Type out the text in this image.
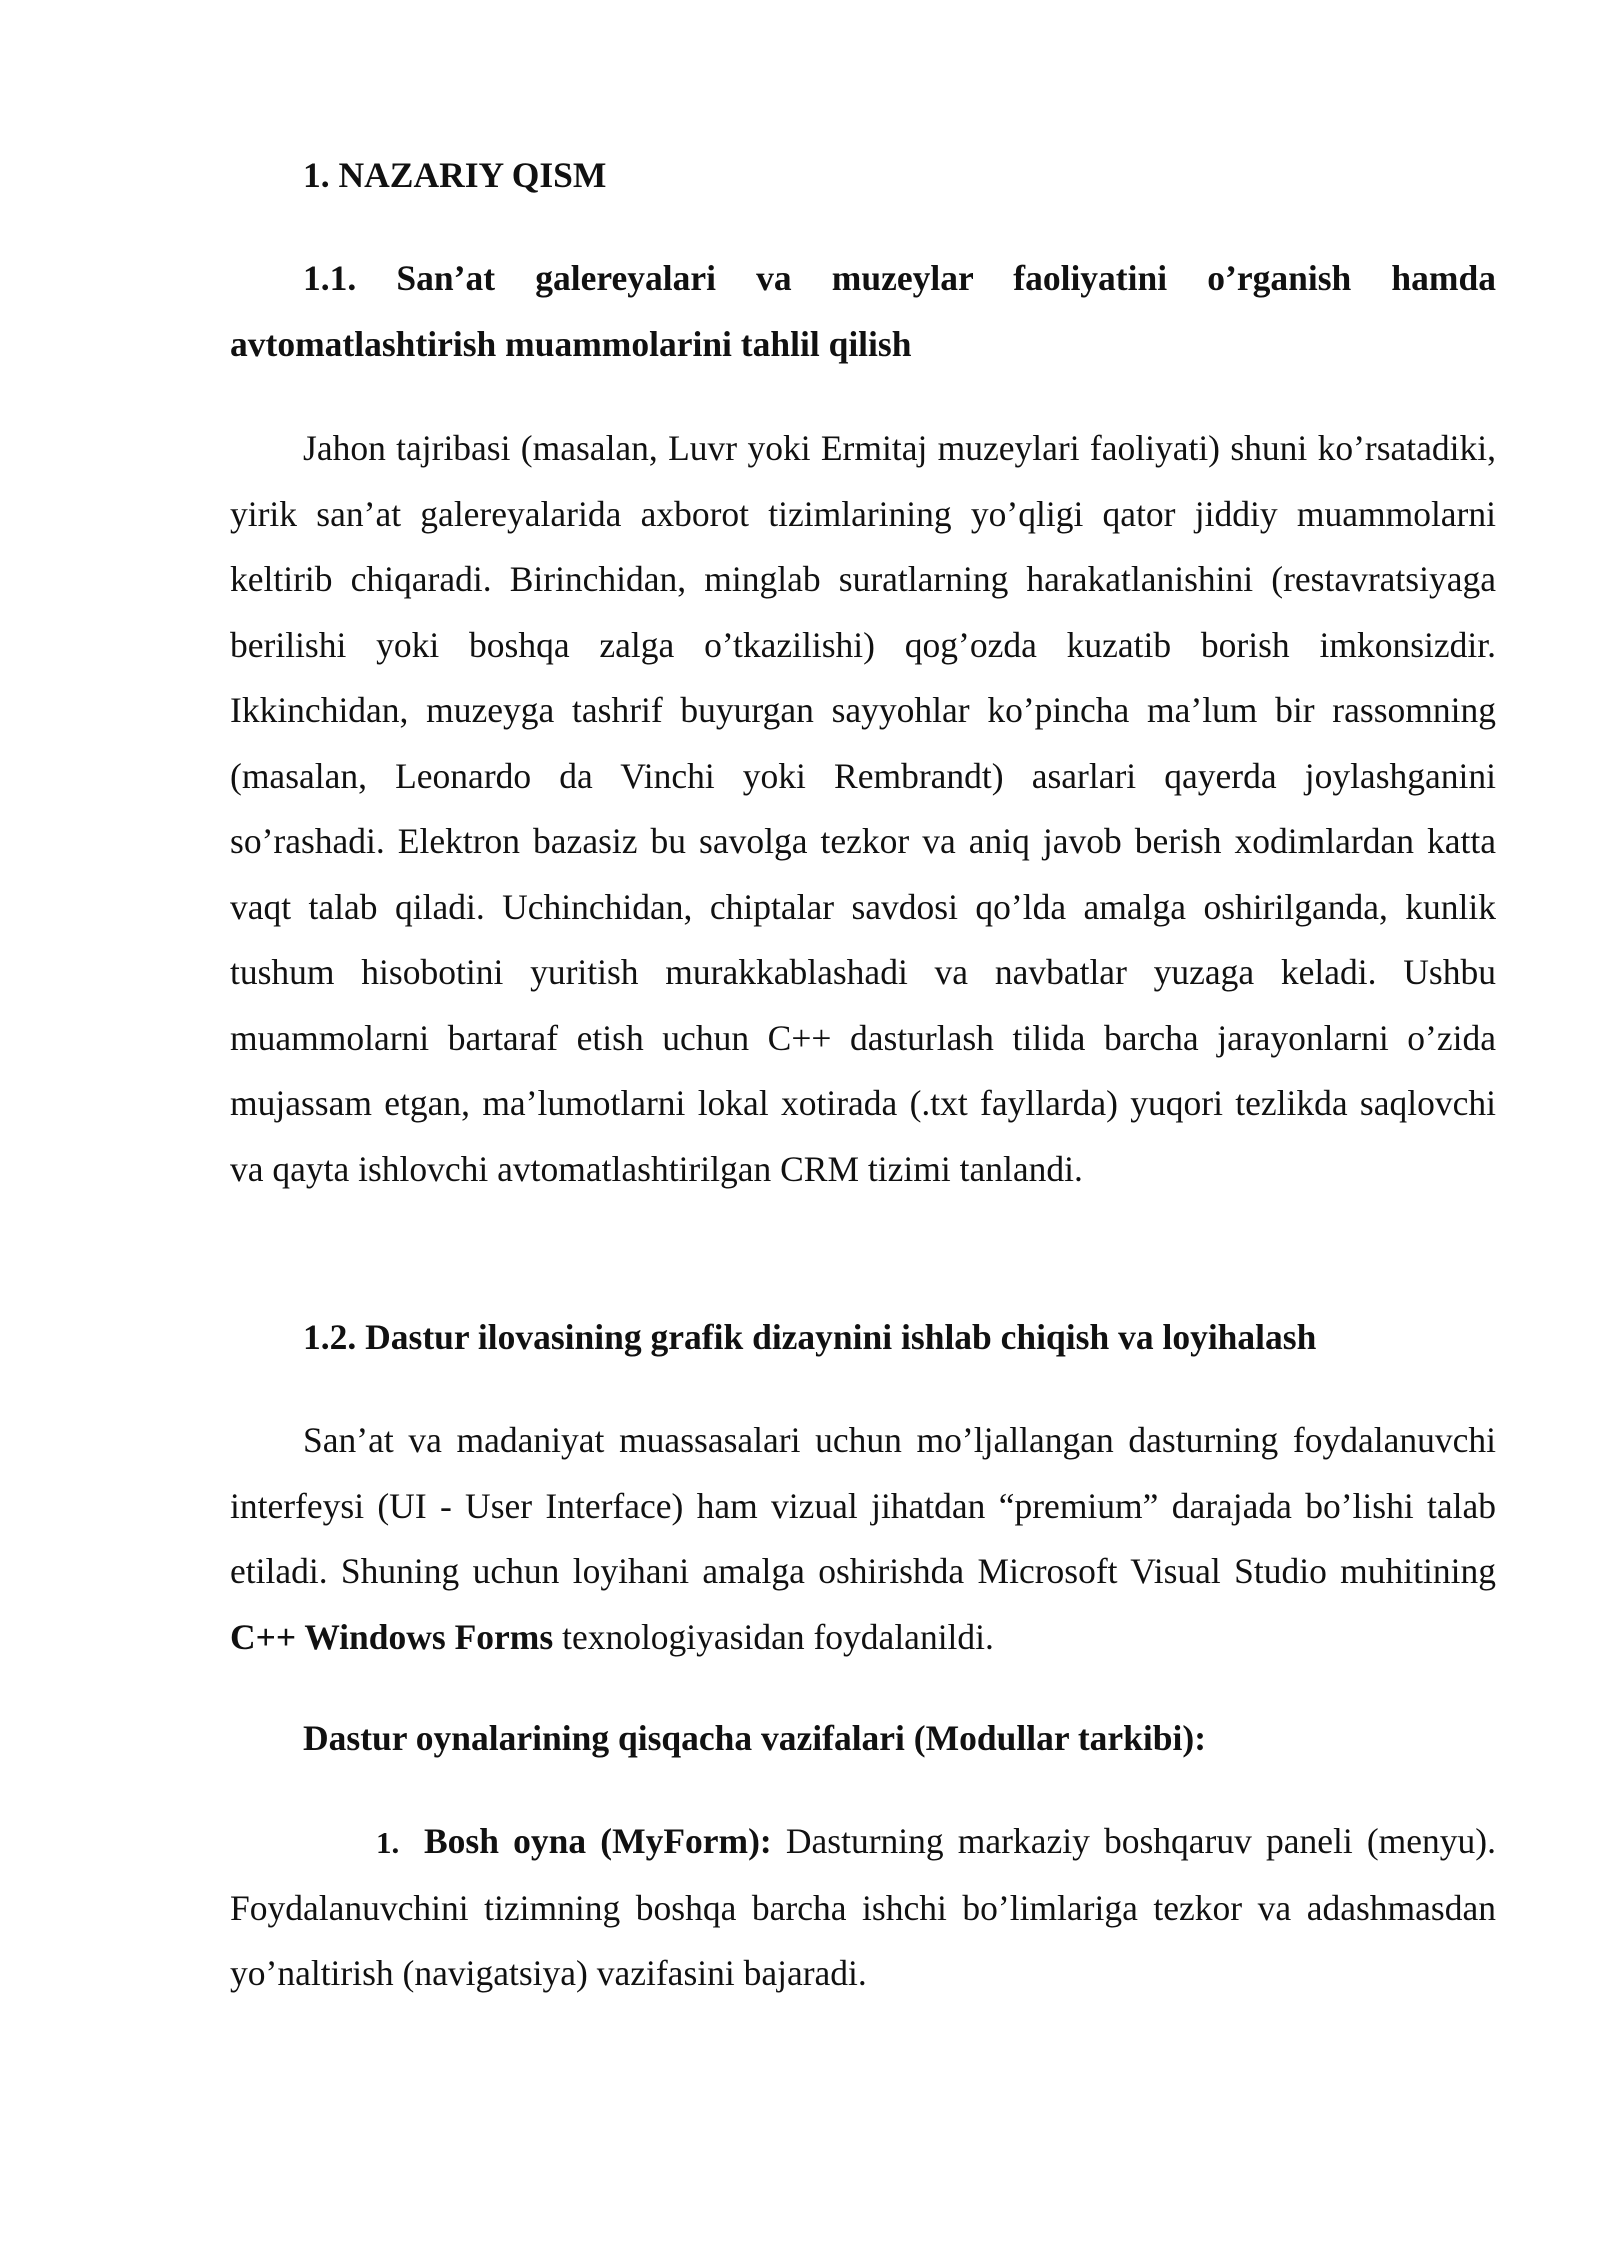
1. NAZARIY QISM
1.1. San’at galereyalari va muzeylar faoliyatini o’rganish hamda avtomatlashtirish muammolarini tahlil qilish
Jahon tajribasi (masalan, Luvr yoki Ermitaj muzeylari faoliyati) shuni ko’rsatadiki, yirik san’at galereyalarida axborot tizimlarining yo’qligi qator jiddiy muammolarni keltirib chiqaradi. Birinchidan, minglab suratlarning harakatlanishini (restavratsiyaga berilishi yoki boshqa zalga o’tkazilishi) qog’ozda kuzatib borish imkonsizdir. Ikkinchidan, muzeyga tashrif buyurgan sayyohlar ko’pincha ma’lum bir rassomning (masalan, Leonardo da Vinchi yoki Rembrandt) asarlari qayerda joylashganini so’rashadi. Elektron bazasiz bu savolga tezkor va aniq javob berish xodimlardan katta vaqt talab qiladi. Uchinchidan, chiptalar savdosi qo’lda amalga oshirilganda, kunlik tushum hisobotini yuritish murakkablashadi va navbatlar yuzaga keladi. Ushbu muammolarni bartaraf etish uchun C++ dasturlash tilida barcha jarayonlarni o’zida mujassam etgan, ma’lumotlarni lokal xotirada (.txt fayllarda) yuqori tezlikda saqlovchi va qayta ishlovchi avtomatlashtirilgan CRM tizimi tanlandi.
1.2. Dastur ilovasining grafik dizaynini ishlab chiqish va loyihalash
San’at va madaniyat muassasalari uchun mo’ljallangan dasturning foydalanuvchi interfeysi (UI - User Interface) ham vizual jihatdan “premium” darajada bo’lishi talab etiladi. Shuning uchun loyihani amalga oshirishda Microsoft Visual Studio muhitining C++ Windows Forms texnologiyasidan foydalanildi.
Dastur oynalarining qisqacha vazifalari (Modullar tarkibi):
1. Bosh oyna (MyForm): Dasturning markaziy boshqaruv paneli (menyu). Foydalanuvchini tizimning boshqa barcha ishchi bo’limlariga tezkor va adashmasdan yo’naltirish (navigatsiya) vazifasini bajaradi.
